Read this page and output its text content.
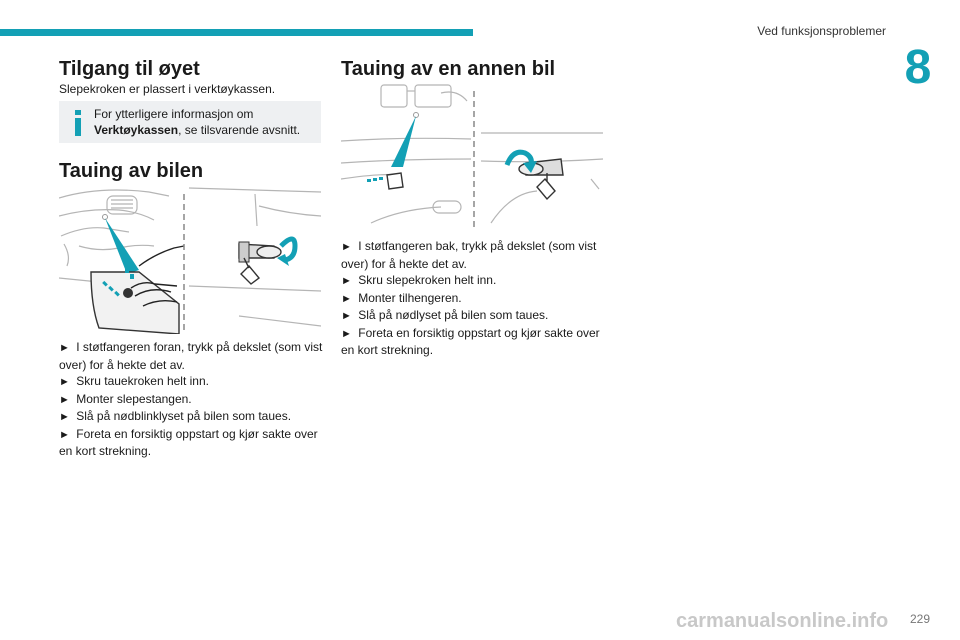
Ved funksjonsproblemer
8
Tilgang til øyet

Slepekroken er plassert i verktøykassen.

For ytterligere informasjon om Verktøykassen, se tilsvarende avsnitt.
Tauing av bilen
► I støtfangeren foran, trykk på dekslet (som vist over) for å hekte det av.
► Skru tauekroken helt inn.
► Monter slepestangen.
► Slå på nødblinklyset på bilen som taues.
► Foreta en forsiktig oppstart og kjør sakte over en kort strekning.
Tauing av en annen bil
► I støtfangeren bak, trykk på dekslet (som vist over) for å hekte det av.
► Skru slepekroken helt inn.
► Monter tilhengeren.
► Slå på nødlyset på bilen som taues.
► Foreta en forsiktig oppstart og kjør sakte over en kort strekning.
carmanualsonline.info 229
